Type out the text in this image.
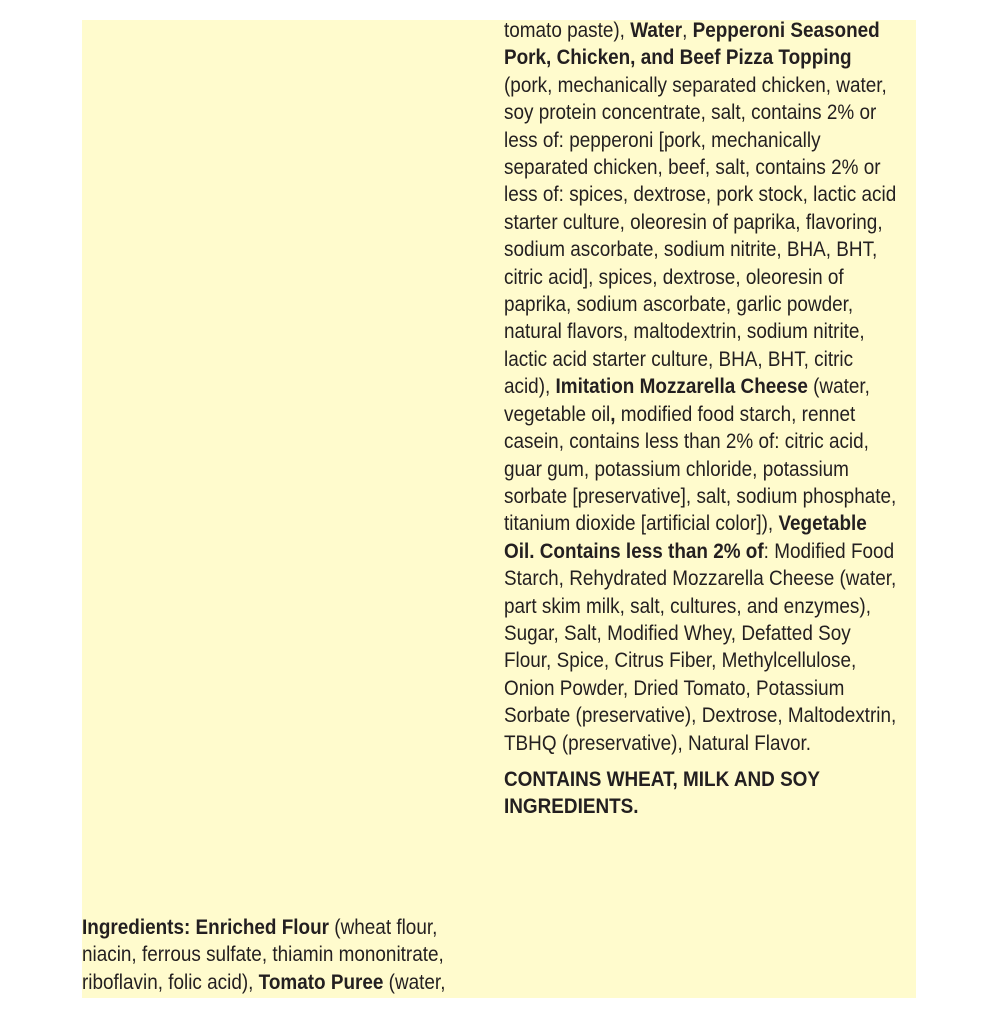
tomato paste), Water, Pepperoni Seasoned
Pork, Chicken, and Beef Pizza Topping
(pork, mechanically separated chicken, water,
soy protein concentrate, salt, contains 2% or
less of: pepperoni [pork, mechanically
separated chicken, beef, salt, contains 2% or
less of: spices, dextrose, pork stock, lactic acid
starter culture, oleoresin of paprika, flavoring,
sodium ascorbate, sodium nitrite, BHA, BHT,
citric acid], spices, dextrose, oleoresin of
paprika, sodium ascorbate, garlic powder,
natural flavors, maltodextrin, sodium nitrite,
lactic acid starter culture, BHA, BHT, citric
acid), Imitation Mozzarella Cheese (water,
vegetable oil, modified food starch, rennet
casein, contains less than 2% of: citric acid,
guar gum, potassium chloride, potassium
sorbate [preservative], salt, sodium phosphate,
titanium dioxide [artificial color]), Vegetable
Oil. Contains less than 2% of: Modified Food
Starch, Rehydrated Mozzarella Cheese (water,
part skim milk, salt, cultures, and enzymes),
Sugar, Salt, Modified Whey, Defatted Soy
Flour, Spice, Citrus Fiber, Methylcellulose,
Onion Powder, Dried Tomato, Potassium
Sorbate (preservative), Dextrose, Maltodextrin,
TBHQ (preservative), Natural Flavor.
CONTAINS WHEAT, MILK AND SOY
INGREDIENTS.
Ingredients: Enriched Flour (wheat flour,
niacin, ferrous sulfate, thiamin mononitrate,
riboflavin, folic acid), Tomato Puree (water,
